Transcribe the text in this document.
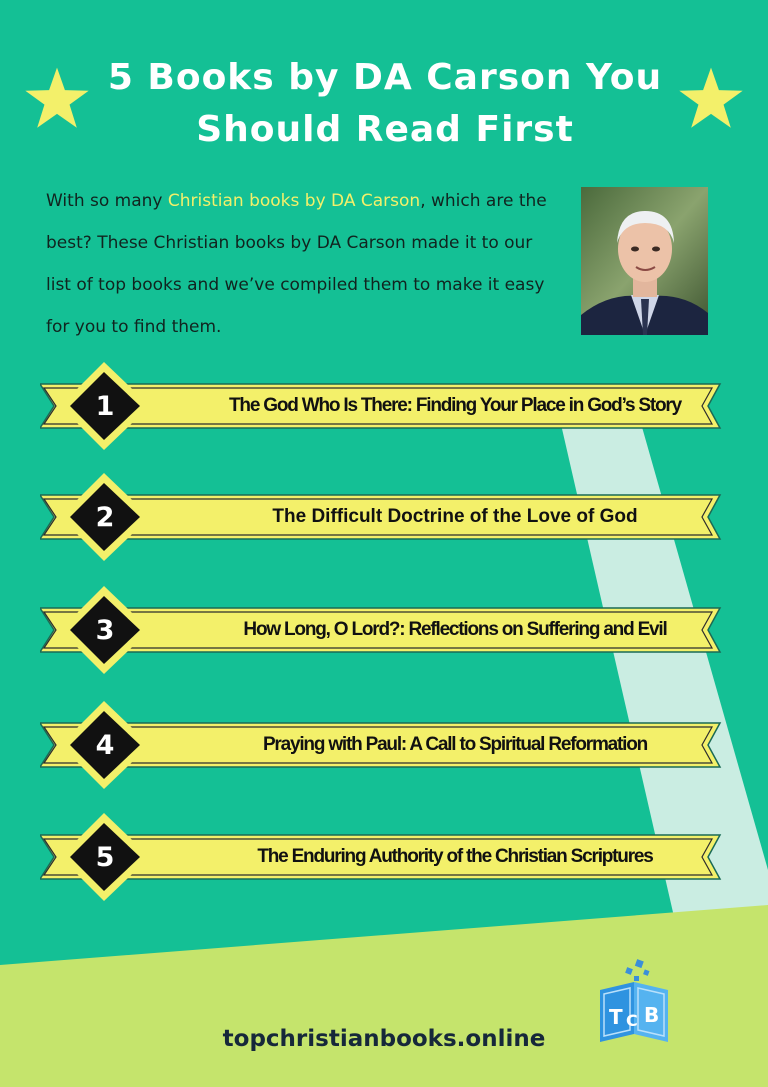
5 Books by DA Carson You
Should Read First
With so many Christian books by DA Carson, which are the best? These Christian books by DA Carson made it to our list of top books and we’ve compiled them to make it easy for you to find them.
1	The God Who Is There: Finding Your Place in God’s Story
2	The Difficult Doctrine of the Love of God
3	How Long, O Lord?: Reflections on Suffering and Evil
4	Praying with Paul: A Call to Spiritual Reformation
5	The Enduring Authority of the Christian Scriptures
T C B
topchristianbooks.online
